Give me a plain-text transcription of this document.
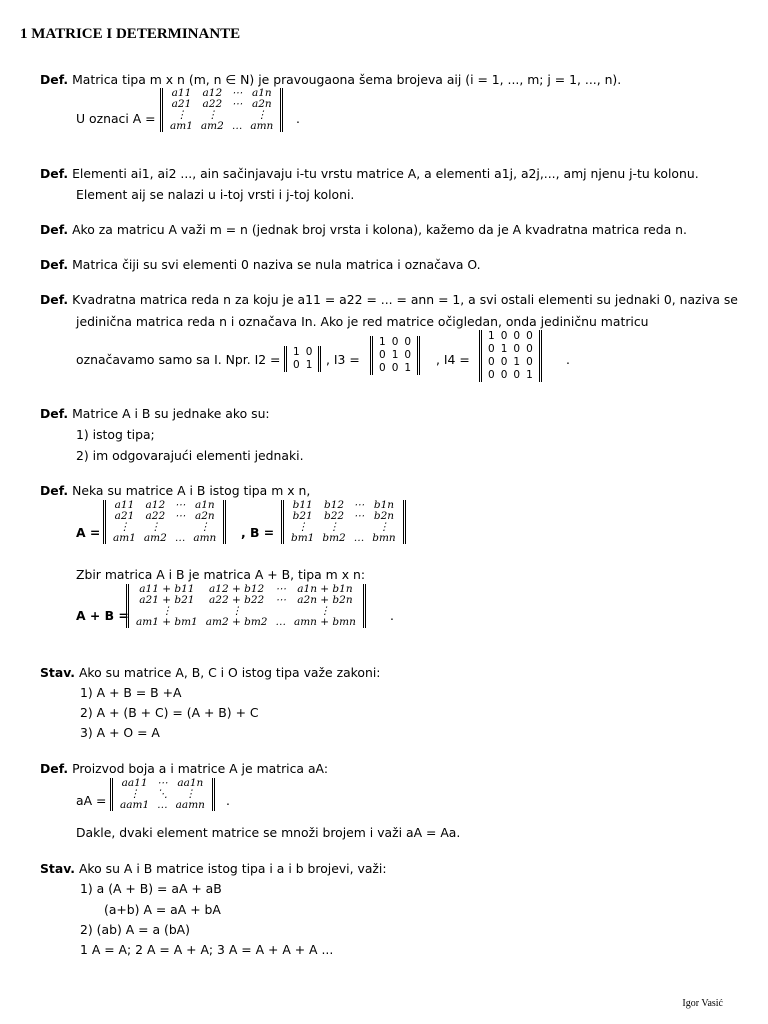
1 MATRICE I DETERMINANTE
Def. Matrica tipa m x n (m, n ∈ N) je pravougaona šema brojeva aij (i = 1, ..., m; j = 1, ..., n).
U oznaci A =
a11	a12	⋯	a1n
a21	a22	⋯	a2n
⋮	⋮		⋮
am1	am2	…	amn .
Def. Elementi ai1, ai2 ..., ain sačinjavaju i-tu vrstu matrice A, a elementi a1j, a2j,..., amj njenu j-tu kolonu.
Element aij se nalazi u i-toj vrsti i j-toj koloni.
Def. Ako za matricu A važi m = n (jednak broj vrsta i kolona), kažemo da je A kvadratna matrica reda n.
Def. Matrica čiji su svi elementi 0 naziva se nula matrica i označava O.
Def. Kvadratna matrica reda n za koju je a11 = a22 = ... = ann = 1, a svi ostali elementi su jednaki 0, naziva se
jedinična matrica reda n i označava In. Ako je red matrice očigledan, onda jediničnu matricu
označavamo samo sa I. Npr. I2 = 1	0
0	1 , I3 =
1	0	0
0	1	0
0	0	1
, I4 =
1	0	0	0
0	1	0	0
0	0	1	0
0	0	0	1
.
Def. Matrice A i B su jednake ako su:
1) istog tipa;
2) im odgovarajući elementi jednaki.
Def. Neka su matrice A i B istog tipa m x n,
A =
a11	a12	⋯	a1n
a21	a22	⋯	a2n
⋮	⋮		⋮
am1	am2	…	amn , B =
b11	b12	⋯	b1n
b21	b22	⋯	b2n
⋮	⋮		⋮
bm1	bm2	…	bmn
Zbir matrica A i B je matrica A + B, tipa m x n:
A + B =
a11 + b11	a12 + b12	⋯	a1n + b1n
a21 + b21	a22 + b22	⋯	a2n + b2n
⋮	⋮		⋮
am1 + bm1	am2 + bm2	…	amn + bmn	.
Stav. Ako su matrice A, B, C i O istog tipa važe zakoni:
1) A + B = B +A
2) A + (B + C) = (A + B) + C
3) A + O = A
Def. Proizvod boja a i matrice A je matrica aA:
aA =
aa11	⋯	aa1n
⋮	⋱	⋮
aam1	…	aamn .
Dakle, dvaki element matrice se množi brojem i važi aA = Aa.
Stav. Ako su A i B matrice istog tipa i a i b brojevi, važi:
1) a (A + B) = aA + aB
(a+b) A = aA + bA
2) (ab) A = a (bA)
1 A = A; 2 A = A + A; 3 A = A + A + A ...
Igor Vasić
